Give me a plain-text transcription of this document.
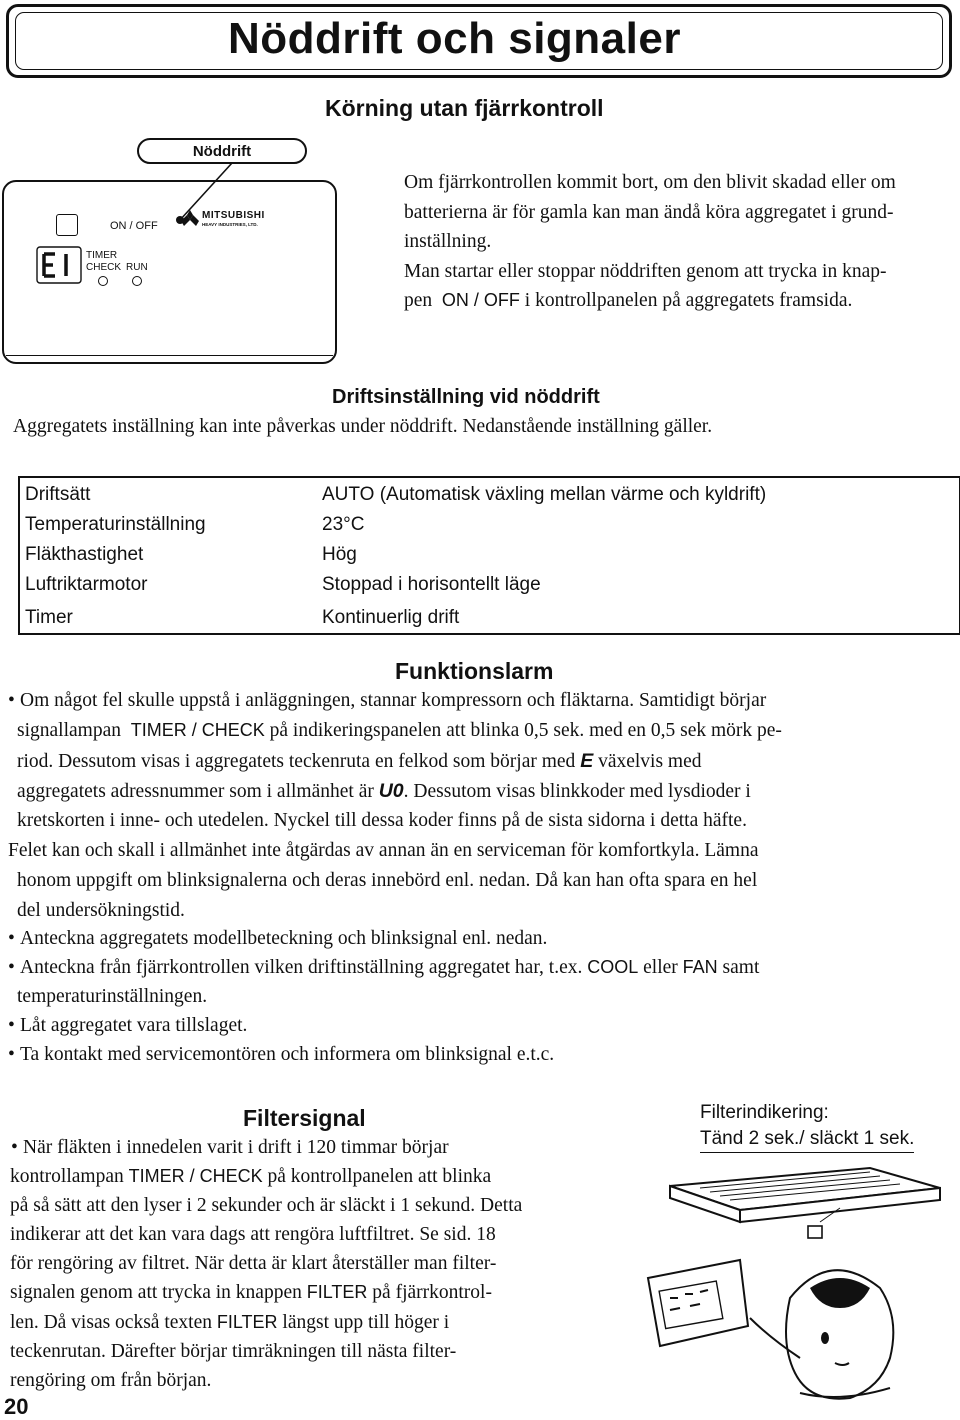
Nöddrift och signaler
Körning utan fjärrkontroll
Nöddrift
ON / OFF
MITSUBISHI
HEAVY INDUSTRIES, LTD.
TIMER
CHECK RUN
Om fjärrkontrollen kommit bort, om den blivit skadad eller om
batterierna är för gamla kan man ändå köra aggregatet i grund-
inställning.
Man startar eller stoppar nöddriften genom att trycka in knap-
pen ON / OFF i kontrollpanelen på aggregatets framsida.
Driftsinställning vid nöddrift
Aggregatets inställning kan inte påverkas under nöddrift. Nedanstående inställning gäller.
Driftsätt	AUTO (Automatisk växling mellan värme och kyldrift)
Temperaturinställning	23°C
Fläkthastighet	Hög
Luftriktarmotor	Stoppad i horisontellt läge
Timer	Kontinuerlig drift
Funktionslarm
• Om något fel skulle uppstå i anläggningen, stannar kompressorn och fläktarna. Samtidigt börjar
signallampan TIMER / CHECK på indikeringspanelen att blinka 0,5 sek. med en 0,5 sek mörk pe-
riod. Dessutom visas i aggregatets teckenruta en felkod som börjar med E växelvis med
aggregatets adressnummer som i allmänhet är U0. Dessutom visas blinkkoder med lysdioder i
kretskorten i inne- och utedelen. Nyckel till dessa koder finns på de sista sidorna i detta häfte.
Felet kan och skall i allmänhet inte åtgärdas av annan än en serviceman för komfortkyla. Lämna
honom uppgift om blinksignalerna och deras innebörd enl. nedan. Då kan han ofta spara en hel
del undersökningstid.
• Anteckna aggregatets modellbeteckning och blinksignal enl. nedan.
• Anteckna från fjärrkontrollen vilken driftinställning aggregatet har, t.ex. COOL eller FAN samt
temperaturinställningen.
• Låt aggregatet vara tillslaget.
• Ta kontakt med servicemontören och informera om blinksignal e.t.c.
Filtersignal
• När fläkten i innedelen varit i drift i 120 timmar börjar
kontrollampan TIMER / CHECK på kontrollpanelen att blinka
på så sätt att den lyser i 2 sekunder och är släckt i 1 sekund. Detta
indikerar att det kan vara dags att rengöra luftfiltret. Se sid. 18
för rengöring av filtret. När detta är klart återställer man filter-
signalen genom att trycka in knappen FILTER på fjärrkontrol-
len. Då visas också texten FILTER längst upp till höger i
teckenrutan. Därefter börjar timräkningen till nästa filter-
rengöring om från början.
Filterindikering:
Tänd 2 sek./ släckt 1 sek.
20
